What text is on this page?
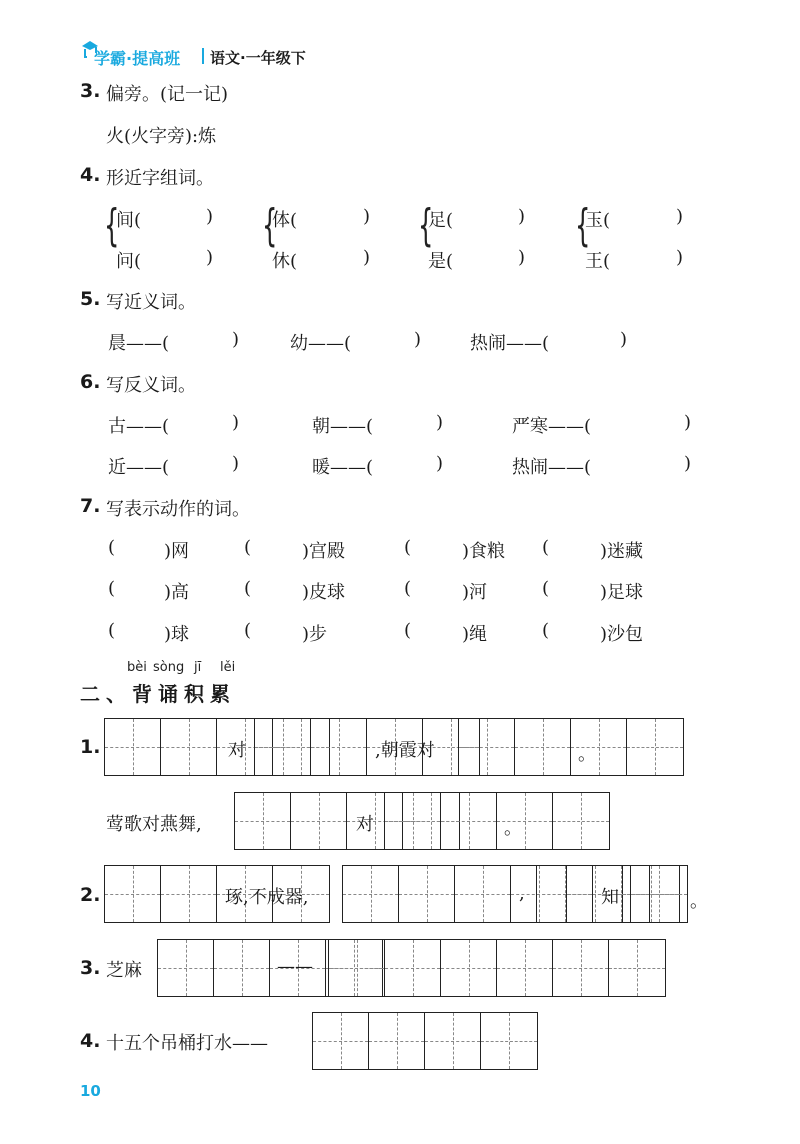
学霸·提高班 语文·一年级下
3. 偏旁。(记一记)
火(火字旁):炼
4. 形近字组词。
{
间(	)
问(	)
{
体(	)
休(	)
{
足(	)
是(	)
{
玉(	)
王(	)
5. 写近义词。
晨——(	)	幼——(	)	热闹——(	)
6. 写反义词。
古——(	)	朝——(	)	严寒——(	)
近——(	)	暖——(	)	热闹——(	)
7. 写表示动作的词。
(	)网	(	)宫殿	(	)食粮 (	)迷藏
(	)高	(	)皮球	(	)河	(	)足球
(	)球	(	)步	(	)绳	(	)沙包
bèi sòng jī lěi
二、背诵积累
1.	对	,朝霞对	。
莺歌对燕舞,	对	。
2.	琢,不成器,	,	知	。
3. 芝麻	——
4. 十五个吊桶打水——
10
